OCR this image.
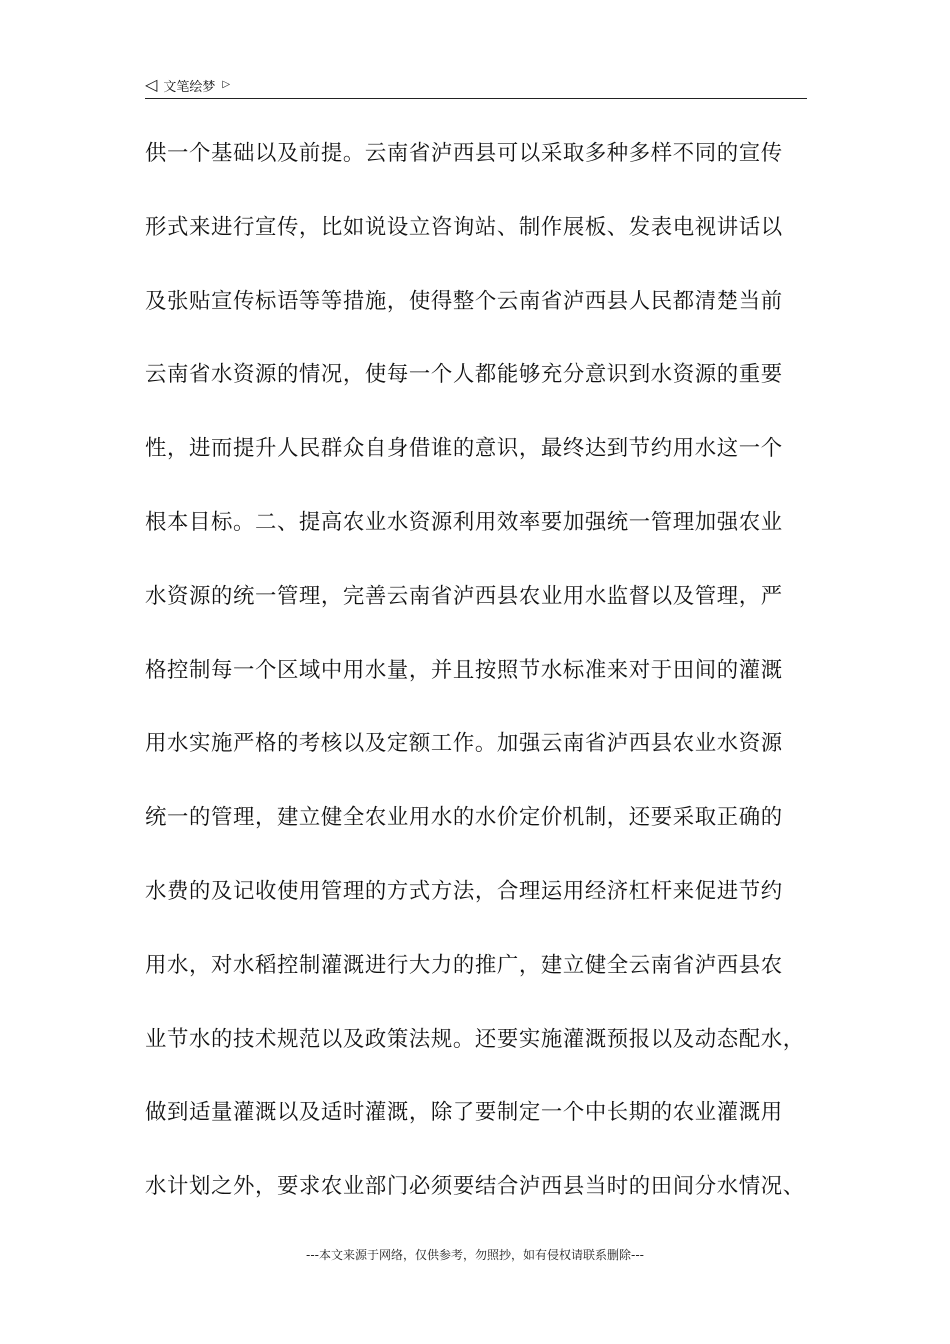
◁ 文笔绘梦 ▷
供一个基础以及前提。云南省泸西县可以采取多种多样不同的宣传
形式来进行宣传，比如说设立咨询站、制作展板、发表电视讲话以
及张贴宣传标语等等措施，使得整个云南省泸西县人民都清楚当前
云南省水资源的情况，使每一个人都能够充分意识到水资源的重要
性，进而提升人民群众自身借谁的意识，最终达到节约用水这一个
根本目标。二、提高农业水资源利用效率要加强统一管理加强农业
水资源的统一管理，完善云南省泸西县农业用水监督以及管理，严
格控制每一个区域中用水量，并且按照节水标准来对于田间的灌溉
用水实施严格的考核以及定额工作。加强云南省泸西县农业水资源
统一的管理，建立健全农业用水的水价定价机制，还要采取正确的
水费的及记收使用管理的方式方法，合理运用经济杠杆来促进节约
用水，对水稻控制灌溉进行大力的推广，建立健全云南省泸西县农
业节水的技术规范以及政策法规。还要实施灌溉预报以及动态配水，
做到适量灌溉以及适时灌溉，除了要制定一个中长期的农业灌溉用
水计划之外，要求农业部门必须要结合泸西县当时的田间分水情况、
---本文来源于网络，仅供参考，勿照抄，如有侵权请联系删除---
